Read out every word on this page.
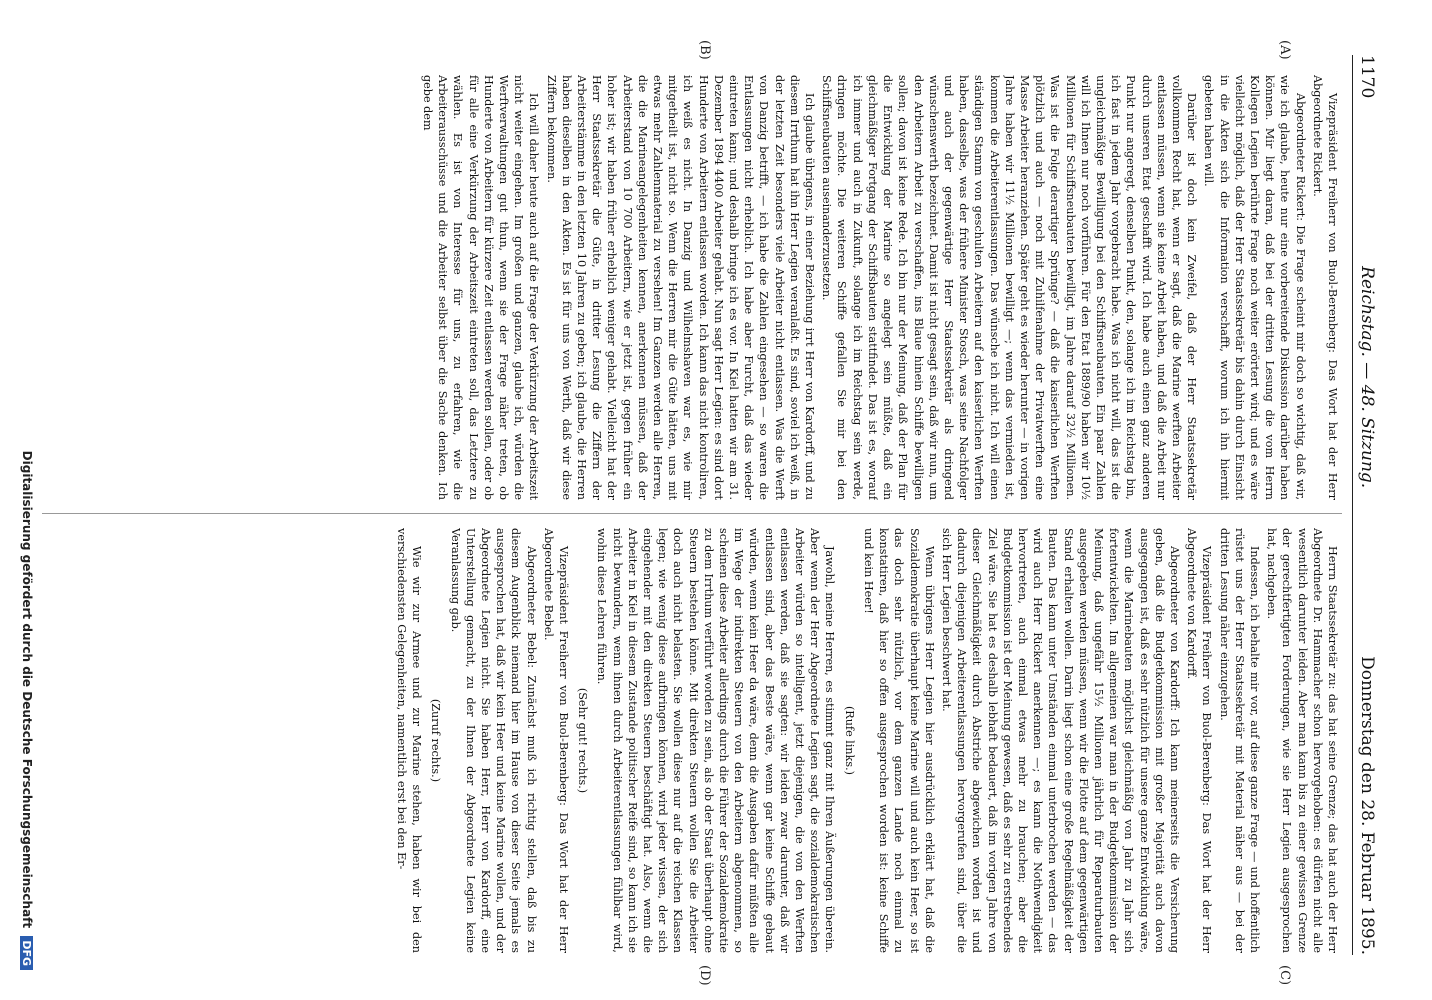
1170
Reichstag. — 48. Sitzung.
Donnerstag den 28. Februar 1895.
(A)
(B)
(C)
(D)

Vizepräsident Freiherr von Buol-Berenberg: Das Wort hat der Herr Abgeordnete Rickert.

Abgeordneter Rickert: Die Frage scheint mir doch so wichtig, daß wir, wie ich glaube, heute nur eine vorbereitende Diskussion darüber haben können. Mir liegt daran, daß bei der dritten Lesung die vom Herrn Kollegen Legien berührte Frage noch weiter erörtert wird; und es wäre vielleicht möglich, daß der Herr Staatssekretär bis dahin durch Einsicht in die Akten sich die Information verschafft, worum ich ihn hiermit gebeten haben will.

Darüber ist doch kein Zweifel, daß der Herr Staatssekretär vollkommen Recht hat, wenn er sagt, daß die Marine werften Arbeiter entlassen müssen, wenn sie keine Arbeit haben, und daß die Arbeit nur durch unseren Etat geschafft wird. Ich habe auch einen ganz anderen Punkt nur angeregt, denselben Punkt, den, solange ich im Reichstag bin, ich fast in jedem Jahr vorgebracht habe. Was ich nicht will, das ist die ungleichmäßige Bewilligung bei den Schiffsneubauten. Ein paar Zahlen will ich Ihnen nur noch vorführen. Für den Etat 1889/90 haben wir 10½ Millionen für Schiffsneubauten bewilligt, im Jahre darauf 32½ Millionen. Was ist die Folge derartiger Sprünge? — daß die kaiserlichen Werften plötzlich und auch — noch mit Zuhilfenahme der Privatwerften eine Masse Arbeiter heranziehen. Später geht es wieder herunter — in vorigen Jahre haben wir 11½ Millionen bewilligt —; wenn das vermieden ist, kommen die Arbeiterentlassungen. Das wünsche ich nicht. Ich will einen ständigen Stamm von geschulten Arbeitern auf den kaiserlichen Werften haben, dasselbe, was der frühere Minister Stosch, was seine Nachfolger und auch der gegenwärtige Herr Staatssekretär als dringend wünschenswerth bezeichnet. Damit ist nicht gesagt sein, daß wir nun, um den Arbeitern Arbeit zu verschaffen, ins Blaue hinein Schiffe bewilligen sollen; davon ist keine Rede. Ich bin nur der Meinung, daß der Plan für die Entwicklung der Marine so angelegt sein müßte, daß ein gleichmäßiger Fortgang der Schiffsbauten stattfindet. Das ist es, worauf ich immer und auch in Zukunft, solange ich im Reichstag sein werde, dringen möchte. Die weiteren Schiffe gefallen Sie mir bei den Schiffsneubauten auseinanderzusetzen.

Ich glaube übrigens, in einer Beziehung irrt Herr von Kardorff, und zu diesem Irrthum hat ihn Herr Legien veranlaßt. Es sind, soviel ich weiß, in der letzten Zeit besonders viele Arbeiter nicht entlassen. Was die Werft von Danzig betrifft, — ich habe die Zahlen eingesehen — so waren die Entlassungen nicht erheblich. Ich habe aber Furcht, daß das wieder eintreten kann; und deshalb bringe ich es vor. In Kiel hatten wir am 31. Dezember 1894 4400 Arbeiter gehabt. Nun sagt Herr Legien: es sind dort Hunderte von Arbeitern entlassen worden. Ich kann das nicht kontroliren, ich weiß es nicht. In Danzig und Wilhelmshaven war es, wie mir mitgetheilt ist, nicht so. Wenn die Herren mir die Güte hätten, uns mit etwas mehr Zahlenmaterial zu versehen! Im Ganzen werden alle Herren, die die Marineangelegenheiten kennen, anerkennen müssen, daß der Arbeiterstand von 10 700 Arbeitern, wie er jetzt ist, gegen früher ein hoher ist; wir haben früher erheblich weniger gehabt. Vielleicht hat der Herr Staatssekretär die Güte, in dritter Lesung die Ziffern der Arbeiterstämme in den letzten 10 Jahren zu geben; ich glaube, die Herren haben dieselben in den Akten. Es ist für uns von Werth, daß wir diese Ziffern bekommen.

Ich will daher heute auch auf die Frage der Verkürzung der Arbeitszeit nicht weiter eingehen. Im großen und ganzen, glaube ich, würden die Werftverwaltungen gut thun, wenn sie der Frage näher treten, ob Hunderte von Arbeitern für kürzere Zeit entlassen werden sollen, oder ob für alle eine Verkürzung der Arbeitszeit eintreten soll, das Letztere zu wählen. Es ist von Interesse für uns, zu erfahren, wie die Arbeiterausschüsse und die Arbeiter selbst über die Sache denken. Ich gebe dem

Herrn Staatssekretär zu: das hat seine Grenze; das hat auch der Herr Abgeordnete Dr. Hammacher schon hervorgehoben: es dürfen nicht alle wesentlich darunter leiden. Aber man kann bis zu einer gewissen Grenze der gerechtfertigten Forderungen, wie sie Herr Legien ausgesprochen hat, nachgeben.

Indessen, ich behalte mir vor, auf diese ganze Frage — und hoffentlich rüstet uns der Herr Staatssekretär mit Material näher aus — bei der dritten Lesung näher einzugehen.

Vizepräsident Freiherr von Buol-Berenberg: Das Wort hat der Herr Abgeordnete von Kardorff.

Abgeordneter von Kardorff: Ich kann meinerseits die Versicherung geben, daß die Budgetkommission mit großer Majorität auch davon ausgegangen ist, daß es sehr nützlich für unsere ganze Entwicklung wäre, wenn die Marinebauten möglichst gleichmäßig von Jahr zu Jahr sich fortentwickelten. Im allgemeinen war man in der Budgetkommission der Meinung, daß ungefähr 15½ Millionen jährlich für Reparaturbauten ausgegeben werden müssen, wenn wir die Flotte auf dem gegenwärtigen Stand erhalten wollen. Darin liegt schon eine große Regelmäßigkeit der Bauten. Das kann unter Umständen einmal unterbrochen werden — das wird auch Herr Rickert anerkennen —; es kann die Nothwendigkeit hervortreten, auch einmal etwas mehr zu brauchen; aber die Budgetkommission ist der Meinung gewesen, daß es sehr zu erstrebendes Ziel wäre. Sie hat es deshalb lebhaft bedauert, daß im vorigen Jahre von dieser Gleichmäßigkeit durch Abstriche abgewichen worden ist und dadurch diejenigen Arbeiterentlassungen hervorgerufen sind, über die sich Herr Legien beschwert hat.

Wenn übrigens Herr Legien hier ausdrücklich erklärt hat, daß die Sozialdemokratie überhaupt keine Marine will und auch kein Heer, so ist das doch sehr nützlich, vor dem ganzen Lande noch einmal zu konstatiren, daß hier so offen ausgesprochen worden ist: keine Schiffe und kein Heer!

(Rufe links.)

Jawohl, meine Herren, es stimmt ganz mit Ihren Äußerungen überein. Aber wenn der Herr Abgeordnete Legien sagt, die sozialdemokratischen Arbeiter würden so intelligent, jetzt diejenigen, die von den Werften entlassen werden, daß sie sagten: wir leiden zwar darunter, daß wir entlassen sind, aber das Beste wäre, wenn gar keine Schiffe gebaut würden, wenn kein Heer da wäre, denn die Ausgaben dafür müßten alle im Wege der indirekten Steuern von den Arbeitern abgenommen, so scheinen diese Arbeiter allerdings durch die Führer der Sozialdemokratie zu dem Irrthum verführt worden zu sein, als ob der Staat überhaupt ohne Steuern bestehen könne. Mit direkten Steuern wollen Sie die Arbeiter doch auch nicht belasten. Sie wollen diese nur auf die reichen Klassen legen; wie wenig diese aufbringen können, wird jeder wissen, der sich eingehender mit den direkten Steuern beschäftigt hat. Also, wenn die Arbeiter in Kiel in diesem Zustande politischer Reife sind, so kann ich sie nicht bewundern, wenn ihnen durch Arbeiterentlassungen fühlbar wird, wohin diese Lehren führen.

(Sehr gut! rechts.)

Vizepräsident Freiherr von Buol-Berenberg: Das Wort hat der Herr Abgeordnete Bebel.

Abgeordneter Bebel: Zunächst muß ich richtig stellen, daß bis zu diesem Augenblick niemand hier im Hause von dieser Seite jemals es ausgesprochen hat, daß wir kein Heer und keine Marine wollen, und der Abgeordnete Legien nicht. Sie haben Herr, Herr von Kardorff, eine Unterstellung gemacht, zu der Ihnen der Abgeordnete Legien keine Veranlassung gab.

(Zuruf rechts.)

Wie wir zur Armee und zur Marine stehen, haben wir bei den verschiedensten Gelegenheiten, namentlich erst bei den Er-

Digitalisierung gefördert durch die Deutsche Forschungsgemeinschaft DFG
